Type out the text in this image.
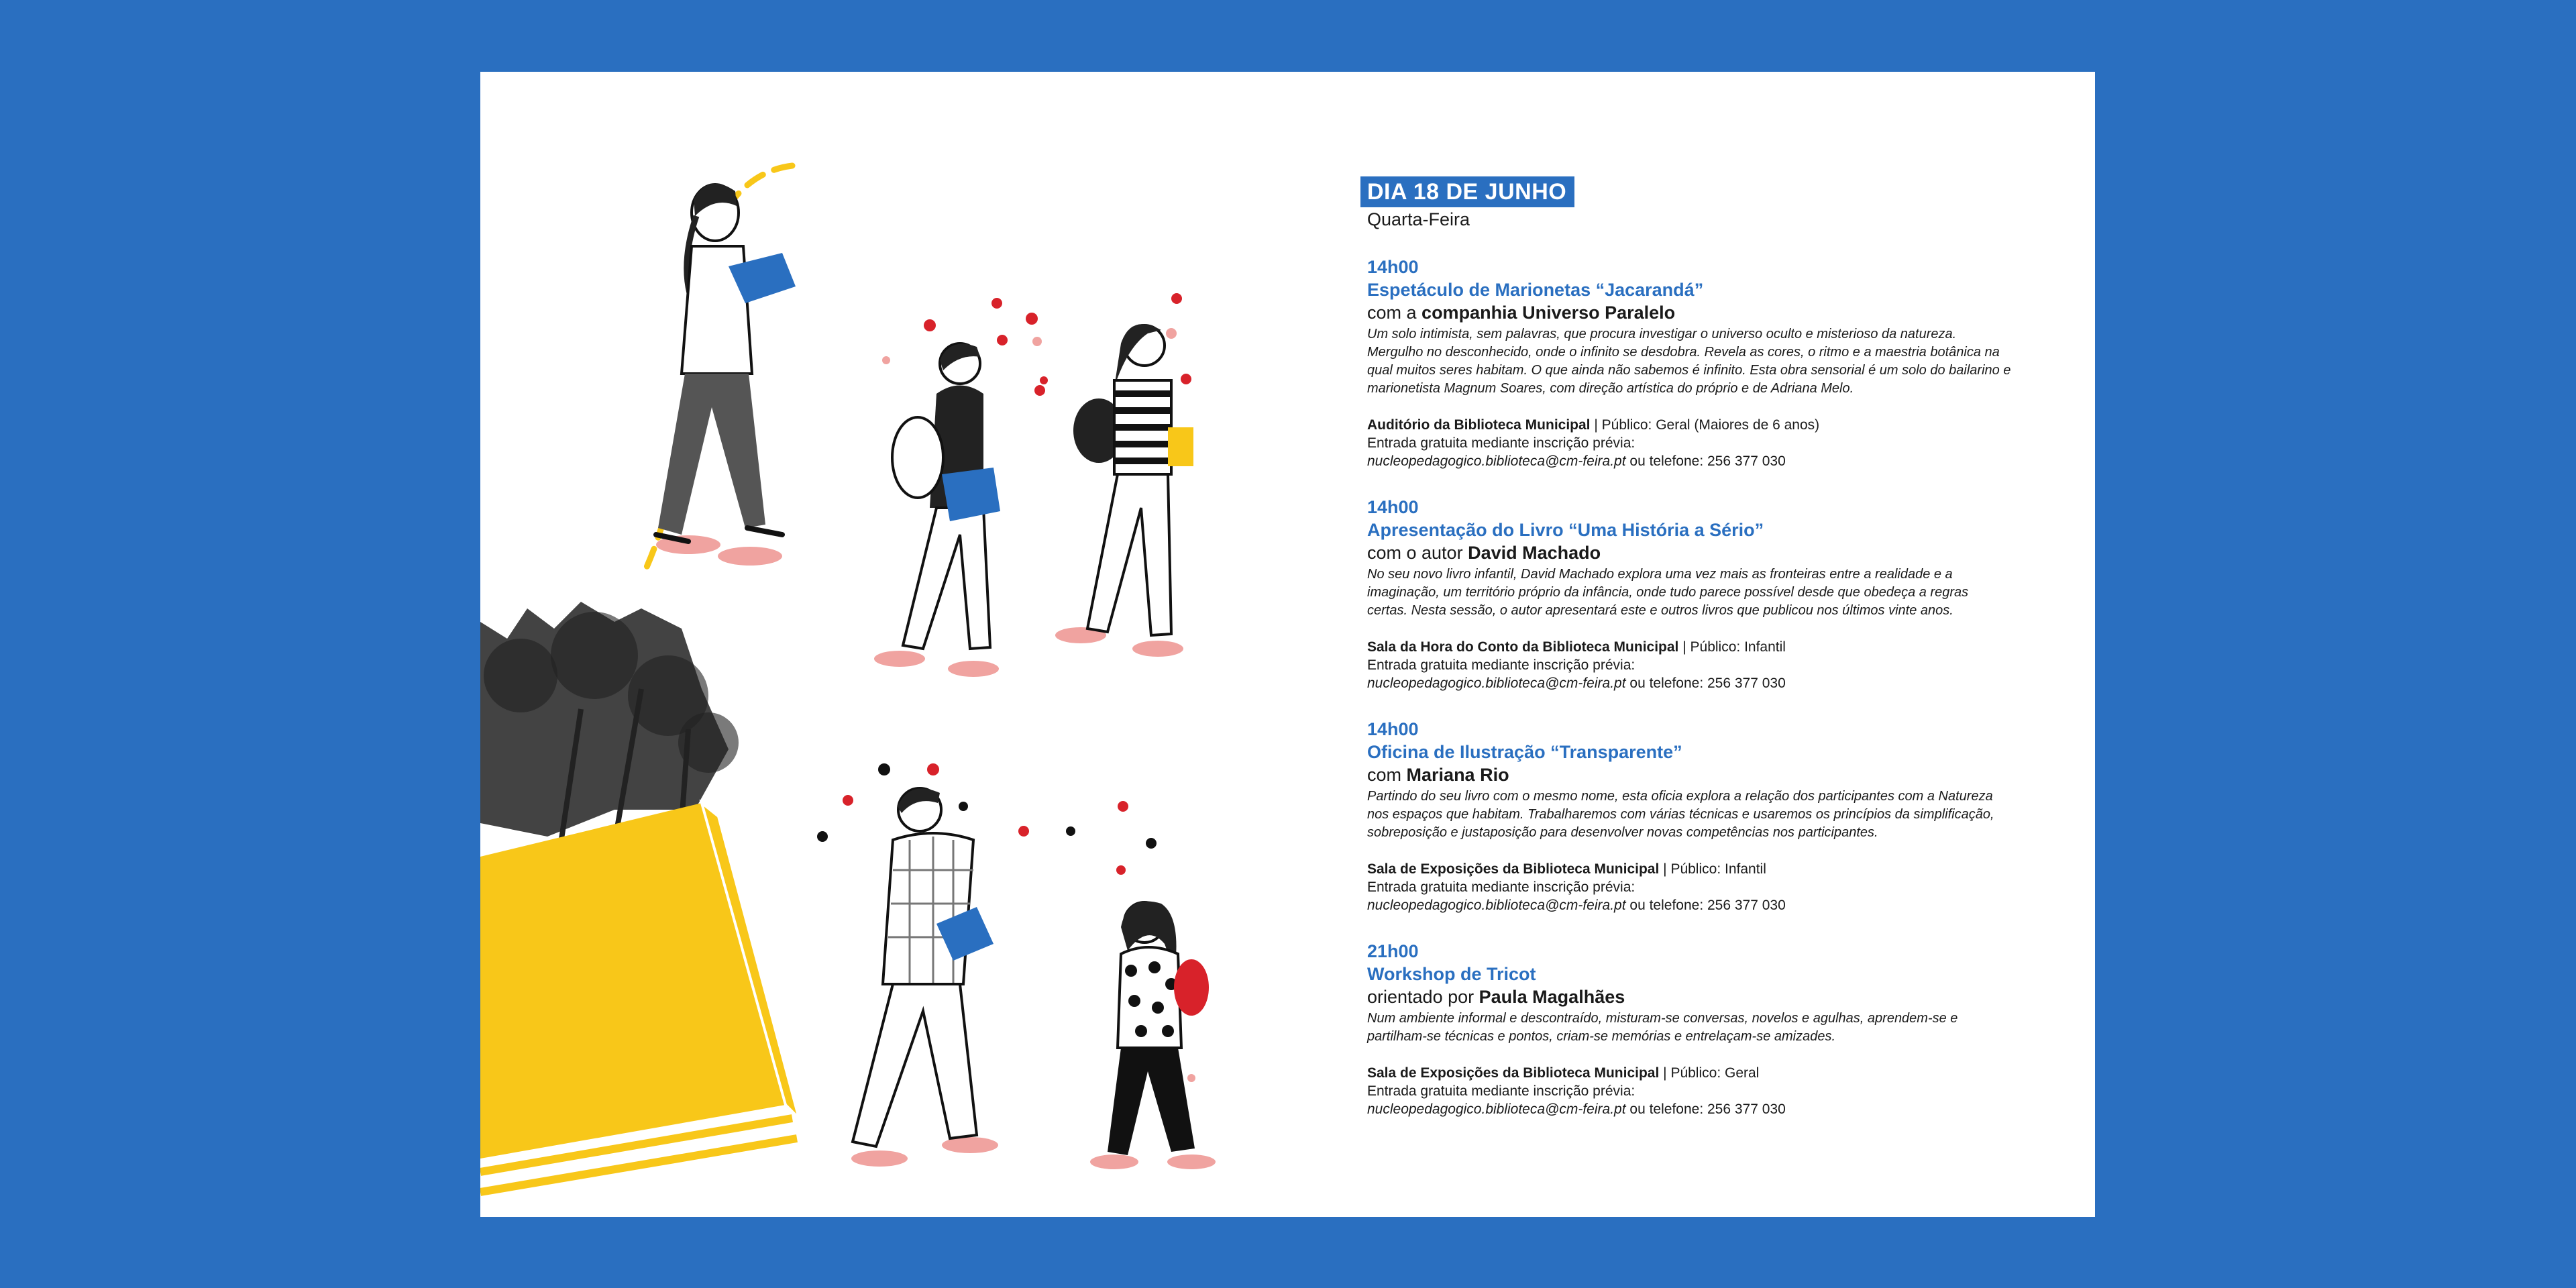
DIA 18 DE JUNHO
Quarta-Feira
14h00
Espetáculo de Marionetas “Jacarandá”
com a companhia Universo Paralelo
Um solo intimista, sem palavras, que procura investigar o universo oculto e misterioso da natureza. Mergulho no desconhecido, onde o infinito se desdobra. Revela as cores, o ritmo e a maestria botânica na qual muitos seres habitam. O que ainda não sabemos é infinito. Esta obra sensorial é um solo do bailarino e marionetista Magnum Soares, com direção artística do próprio e de Adriana Melo.
Auditório da Biblioteca Municipal | Público: Geral (Maiores de 6 anos)
Entrada gratuita mediante inscrição prévia:
nucleopedagogico.biblioteca@cm-feira.pt ou telefone: 256 377 030
14h00
Apresentação do Livro “Uma História a Sério”
com o autor David Machado
No seu novo livro infantil, David Machado explora uma vez mais as fronteiras entre a realidade e a imaginação, um território próprio da infância, onde tudo parece possível desde que obedeça a regras certas. Nesta sessão, o autor apresentará este e outros livros que publicou nos últimos vinte anos.
Sala da Hora do Conto da Biblioteca Municipal | Público: Infantil
Entrada gratuita mediante inscrição prévia:
nucleopedagogico.biblioteca@cm-feira.pt ou telefone: 256 377 030
14h00
Oficina de Ilustração “Transparente”
com Mariana Rio
Partindo do seu livro com o mesmo nome, esta oficia explora a relação dos participantes com a Natureza nos espaços que habitam. Trabalharemos com várias técnicas e usaremos os princípios da simplificação, sobreposição e justaposição para desenvolver novas competências nos participantes.
Sala de Exposições da Biblioteca Municipal | Público: Infantil
Entrada gratuita mediante inscrição prévia:
nucleopedagogico.biblioteca@cm-feira.pt ou telefone: 256 377 030
21h00
Workshop de Tricot
orientado por Paula Magalhães
Num ambiente informal e descontraído, misturam-se conversas, novelos e agulhas, aprendem-se e partilham-se técnicas e pontos, criam-se memórias e entrelaçam-se amizades.
Sala de Exposições da Biblioteca Municipal | Público: Geral
Entrada gratuita mediante inscrição prévia:
nucleopedagogico.biblioteca@cm-feira.pt ou telefone: 256 377 030
